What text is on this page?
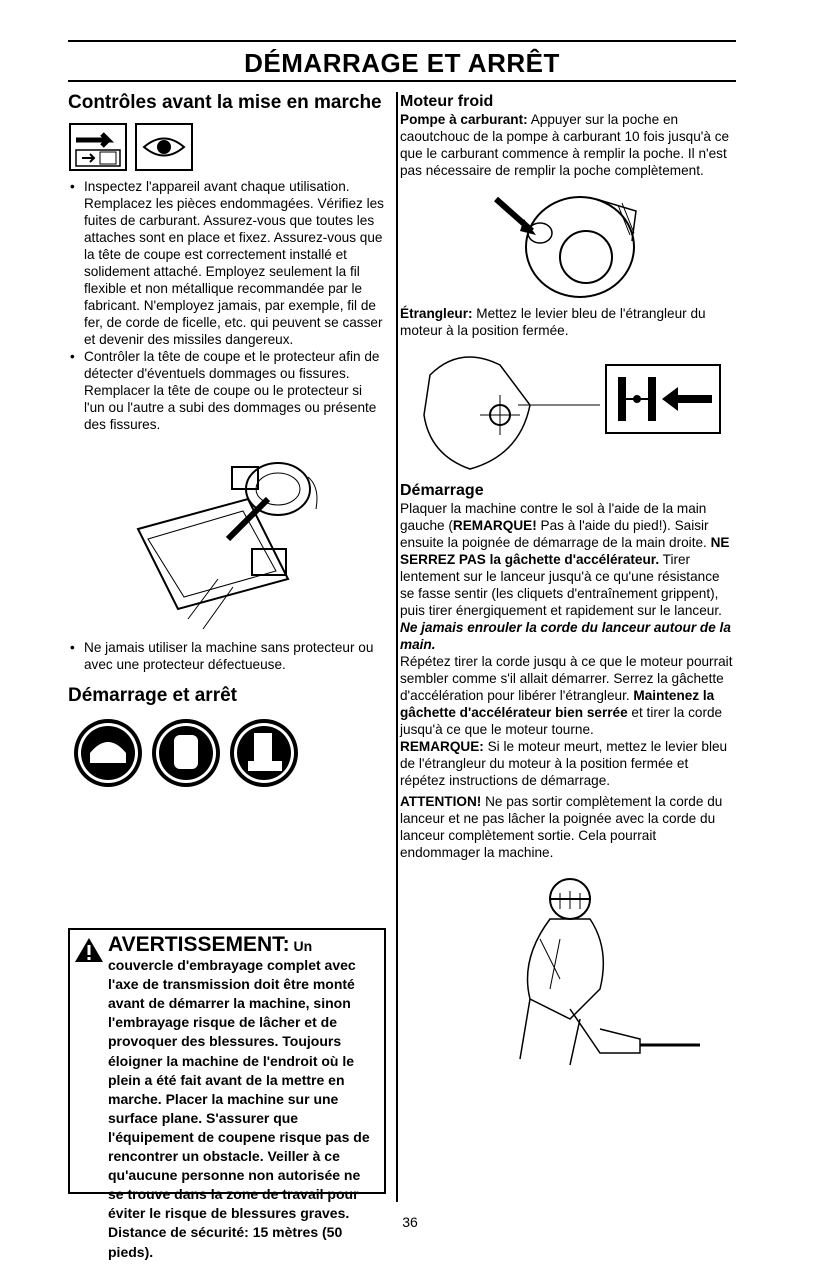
DÉMARRAGE ET ARRÊT
Contrôles avant la mise en marche

• Inspectez l'appareil avant chaque utilisation. Remplacez les pièces endommagées. Vérifiez les fuites de carburant. Assurez-vous que toutes les attaches sont en place et fixez. Assurez-vous que la tête de coupe est correctement installé et solidement attaché. Employez seulement la fil flexible et non métallique recommandée par le fabricant. N'employez jamais, par exemple, fil de fer, de corde de ficelle, etc. qui peuvent se casser et devenir des missiles dangereux.

• Contrôler la tête de coupe et le protecteur afin de détecter d'éventuels dommages ou fissures. Remplacer la tête de coupe ou le protecteur si l'un ou l'autre a subi des dommages ou présente des fissures.

• Ne jamais utiliser la machine sans protecteur ou avec une protecteur défectueuse.

Démarrage et arrêt
AVERTISSEMENT: Un couvercle d'embrayage complet avec l'axe de transmission doit être monté avant de démarrer la machine, sinon l'embrayage risque de lâcher et de provoquer des blessures. Toujours éloigner la machine de l'endroit où le plein a été fait avant de la mettre en marche. Placer la machine sur une surface plane. S'assurer que l'équipement de coupene risque pas de rencontrer un obstacle. Veiller à ce qu'aucune personne non autorisée ne se trouve dans la zone de travail pour éviter le risque de blessures graves. Distance de sécurité: 15 mètres (50 pieds).
Moteur froid

Pompe à carburant: Appuyer sur la poche en caoutchouc de la pompe à carburant 10 fois jusqu'à ce que le carburant commence à remplir la poche. Il n'est pas nécessaire de remplir la poche complètement.

Étrangleur: Mettez le levier bleu de l'étrangleur du moteur à la position fermée.

Démarrage

Plaquer la machine contre le sol à l'aide de la main gauche (REMARQUE! Pas à l'aide du pied!). Saisir ensuite la poignée de démarrage de la main droite. NE SERREZ PAS la gâchette d'accélérateur. Tirer lentement sur le lanceur jusqu'à ce qu'une résistance se fasse sentir (les cliquets d'entraînement grippent), puis tirer énergiquement et rapidement sur le lanceur.

Ne jamais enrouler la corde du lanceur autour de la main.

Répétez tirer la corde jusqu à ce que le moteur pourrait sembler comme s'il allait démarrer. Serrez la gâchette d'accélération pour libérer l'étrangleur. Maintenez la gâchette d'accélérateur bien serrée et tirer la corde jusqu'à ce que le moteur tourne.

REMARQUE: Si le moteur meurt, mettez le levier bleu de l'étrangleur du moteur à la position fermée et répétez instructions de démarrage.

ATTENTION! Ne pas sortir complètement la corde du lanceur et ne pas lâcher la poignée avec la corde du lanceur complètement sortie. Cela pourrait endommager la machine.

36
